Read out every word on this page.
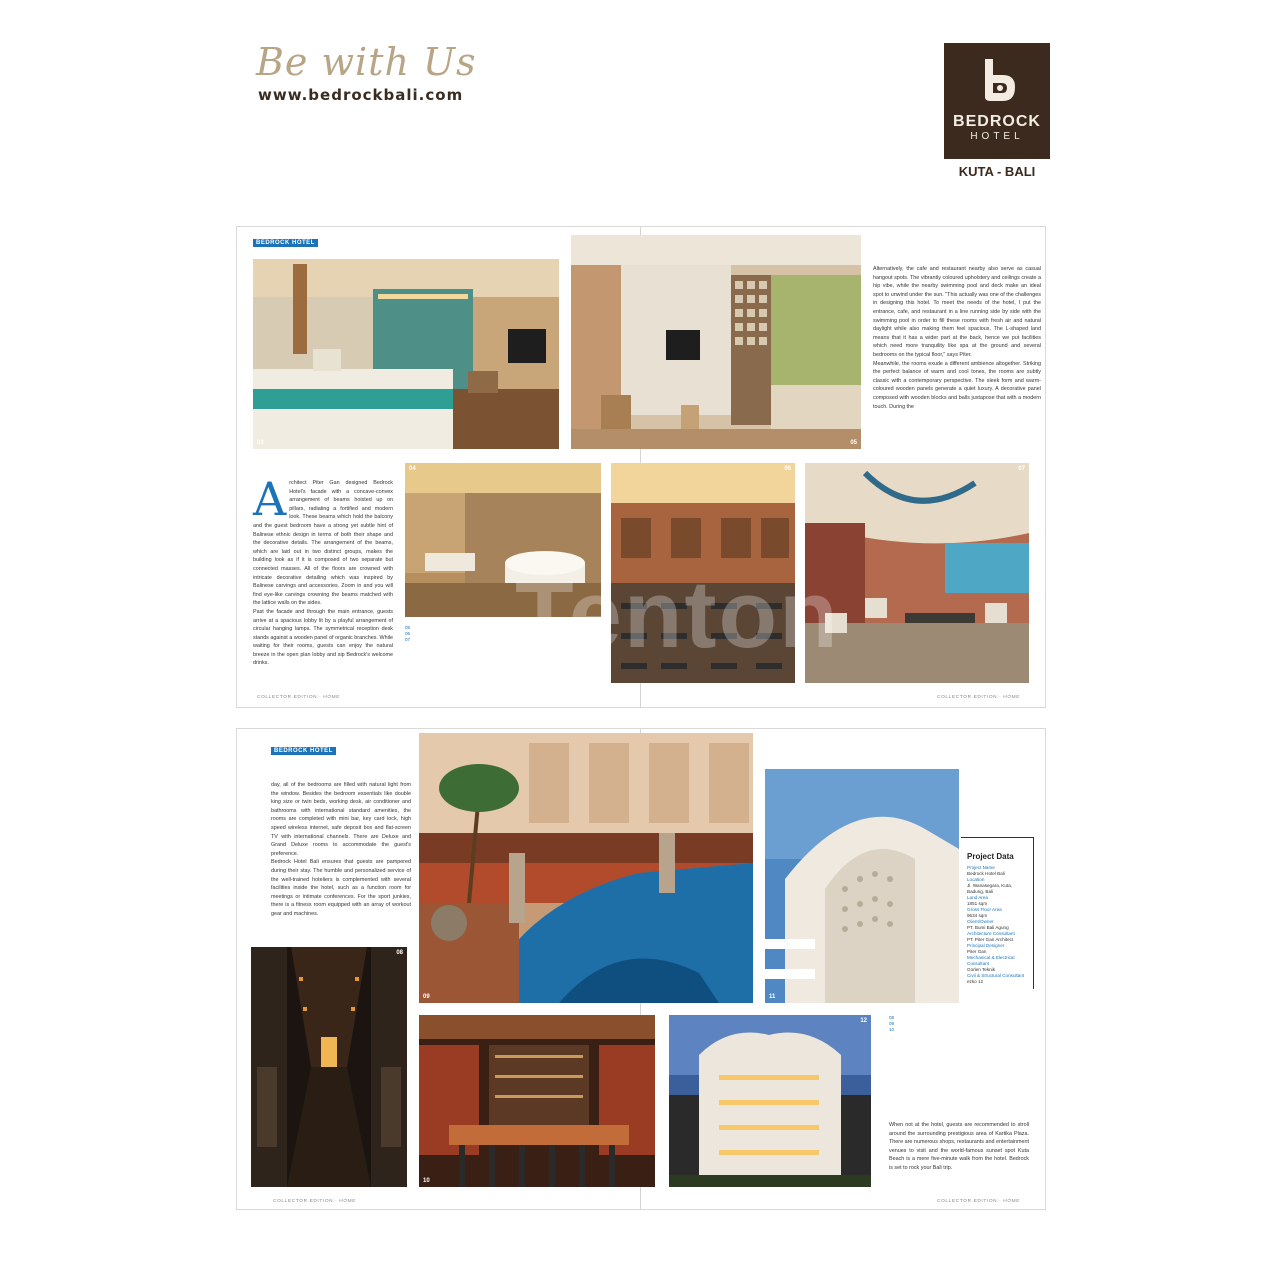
Be with Us
www.bedrockbali.com
BEDROCK
HOTEL
KUTA - BALI
BEDROCK HOTEL
03	05
Alternatively, the cafe and restaurant nearby also serve as casual hangout spots. The vibrantly coloured upholstery and ceilings create a hip vibe, while the nearby swimming pool and deck make an ideal spot to unwind under the sun. "This actually was one of the challenges in designing this hotel. To meet the needs of the hotel, I put the entrance, cafe, and restaurant in a line running side by side with the swimming pool in order to fill these rooms with fresh air and natural daylight while also making them feel spacious. The L-shaped land means that it has a wider part at the back, hence we put facilities which need more tranquility like spa at the ground and several bedrooms on the typical floor," says Piter.
Meanwhile, the rooms exude a different ambience altogether. Striking the perfect balance of warm and cool tones, the rooms are subtly classic with a contemporary perspective. The sleek form and warm-coloured wooden panels generate a quiet luxury. A decorative panel composed with wooden blocks and balls juxtapose that with a modern touch. During the
Architect Piter Gan designed Bedrock Hotel's facade with a concave-convex arrangement of beams hoisted up on pillars, radiating a fortified and modern look. These beams which hold the balcony and the guest bedroom have a strong yet subtle hint of Balinese ethnic design in terms of both their shape and the decorative details. The arrangement of the beams, which are laid out in two distinct groups, makes the building look as if it is composed of two separate but connected masses. All of the floors are crowned with intricate decorative detailing which was inspired by Balinese carvings and accessories. Zoom in and you will find eye-like carvings crowning the beams matched with the lattice walls on the sides.
Past the facade and through the main entrance, guests arrive at a spacious lobby lit by a playful arrangement of circular hanging lamps. The symmetrical reception desk stands against a wooden panel of organic branches. While waiting for their rooms, guests can enjoy the natural breeze in the open plan lobby and sip Bedrock's welcome drinks.
04	06	07
05
06
07
COLLECTOR EDITION · HOME	COLLECTOR EDITION · HOME
Tenton
BEDROCK HOTEL
day, all of the bedrooms are filled with natural light from the window. Besides the bedroom essentials like double king size or twin beds, working desk, air conditioner and bathrooms with international standard amenities, the rooms are completed with mini bar, key card lock, high speed wireless internet, safe deposit box and flat-screen TV with international channels. There are Deluxe and Grand Deluxe rooms to accommodate the guest's preference.
Bedrock Hotel Bali ensures that guests are pampered during their stay. The humble and personalized service of the well-trained hoteliers is complemented with several facilities inside the hotel, such as a function room for meetings or intimate conferences. For the sport junkies, there is a fitness room equipped with an array of workout gear and machines.
09	11
Project Data
Project Name
Bedrock Hotel Bali
Location
Jl. Wanasegara, Kuta, Badung, Bali
Land Area
1851 sqm
Gross Floor Area
9634 sqm
Client/Owner
PT. Bumi Bali Agung
Architecture Consultant
PT. Piter Gan Architect
Principal Designer
Piter Gan
Mechanical & Electrical Consultant
Gorlen Teknik
Civil & Structural Consultant
ezko 12
08
10
12
08
09
10
When not at the hotel, guests are recommended to stroll around the surrounding prestigious area of Kartika Plaza. There are numerous shops, restaurants and entertainment venues to visit and the world-famous sunset spot Kuta Beach is a mere five-minute walk from the hotel. Bedrock is set to rock your Bali trip.
COLLECTOR EDITION · HOME	COLLECTOR EDITION · HOME
